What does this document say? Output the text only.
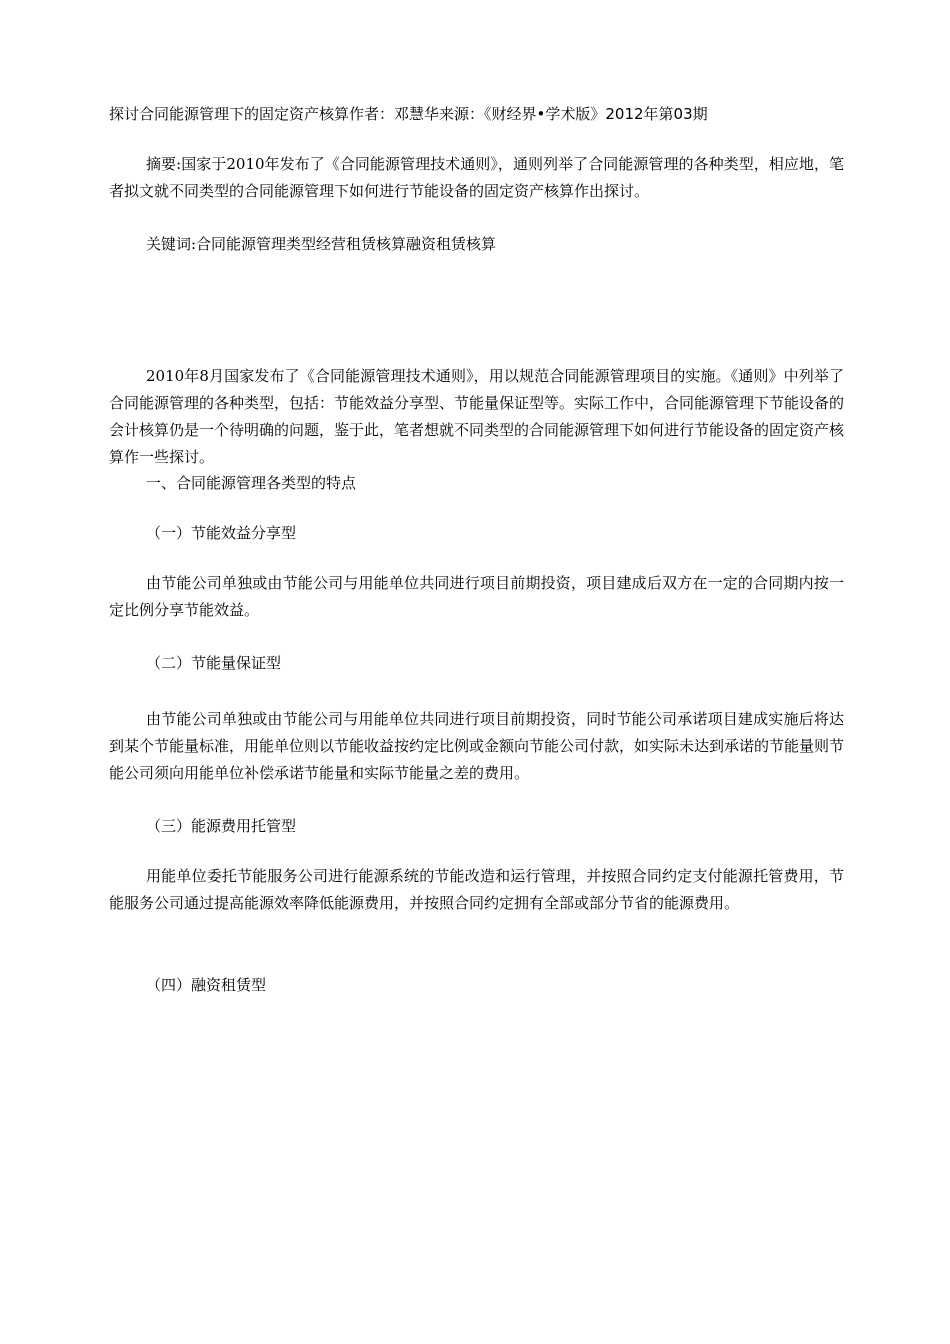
探讨合同能源管理下的固定资产核算作者：邓慧华来源：《财经界•学术版》2012年第03期

摘要:国家于2010年发布了《合同能源管理技术通则》，通则列举了合同能源管理的各种类型，相应地，笔者拟文就不同类型的合同能源管理下如何进行节能设备的固定资产核算作出探讨。

关键词:合同能源管理类型经营租赁核算融资租赁核算

2010年8月国家发布了《合同能源管理技术通则》，用以规范合同能源管理项目的实施。《通则》中列举了合同能源管理的各种类型，包括：节能效益分享型、节能量保证型等。实际工作中，合同能源管理下节能设备的会计核算仍是一个待明确的问题，鉴于此，笔者想就不同类型的合同能源管理下如何进行节能设备的固定资产核算作一些探讨。

一、合同能源管理各类型的特点

（一）节能效益分享型

由节能公司单独或由节能公司与用能单位共同进行项目前期投资，项目建成后双方在一定的合同期内按一定比例分享节能效益。

（二）节能量保证型

由节能公司单独或由节能公司与用能单位共同进行项目前期投资，同时节能公司承诺项目建成实施后将达到某个节能量标准，用能单位则以节能收益按约定比例或金额向节能公司付款，如实际未达到承诺的节能量则节能公司须向用能单位补偿承诺节能量和实际节能量之差的费用。

（三）能源费用托管型

用能单位委托节能服务公司进行能源系统的节能改造和运行管理，并按照合同约定支付能源托管费用，节能服务公司通过提高能源效率降低能源费用，并按照合同约定拥有全部或部分节省的能源费用。

（四）融资租赁型
